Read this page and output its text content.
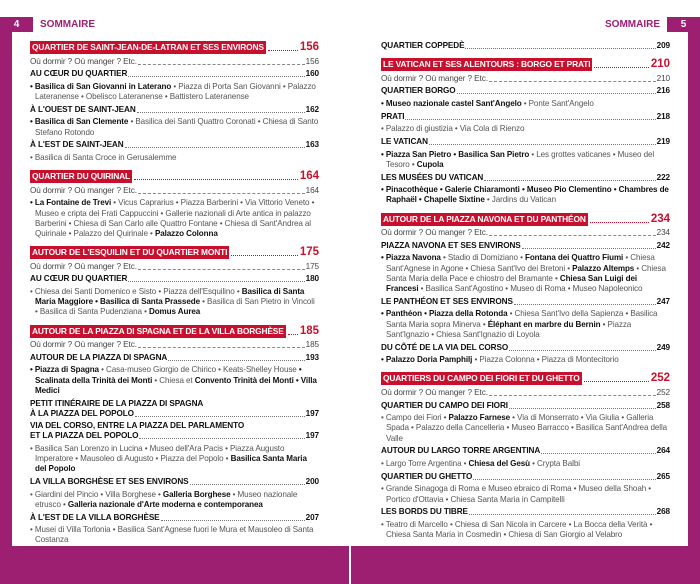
4	SOMMAIRE	5
SOMMAIRE
QUARTIER DE SAINT-JEAN-DE-LATRAN ET SES ENVIRONS	156
Où dormir ? Où manger ? Etc.	156
AU CŒUR DU QUARTIER	160
• Basilica di San Giovanni in Laterano • Piazza di Porta San Giovanni • Palazzo Lateranense • Obelisco Lateranense • Battistero Lateranense
À L'OUEST DE SAINT-JEAN	162
• Basilica di San Clemente • Basilica dei Santi Quattro Coronati • Chiesa di Santo Stefano Rotondo
À L'EST DE SAINT-JEAN	163
• Basilica di Santa Croce in Gerusalemme
QUARTIER DU QUIRINAL	164
Où dormir ? Où manger ? Etc.	164
• La Fontaine de Trevi • Vicus Caprarius • Piazza Barberini • Via Vittorio Veneto • Museo e cripta dei Frati Cappuccini • Gallerie nazionali di Arte antica in palazzo Barberini • Chiesa di San Carlo alle Quattro Fontane • Chiesa di Sant'Andrea al Quirinale • Palazzo del Quirinale • Palazzo Colonna
AUTOUR DE L'ESQUILIN ET DU QUARTIER MONTI	175
Où dormir ? Où manger ? Etc.	175
AU CŒUR DU QUARTIER	180
• Chiesa dei Santi Domenico e Sisto • Piazza dell'Esquilino • Basilica di Santa Maria Maggiore • Basilica di Santa Prassede • Basilica di San Pietro in Vincoli • Basilica di Santa Pudenziana • Domus Aurea
AUTOUR DE LA PIAZZA DI SPAGNA ET DE LA VILLA BORGHÈSE 185
Où dormir ? Où manger ? Etc.	185
AUTOUR DE LA PIAZZA DI SPAGNA	193
• Piazza di Spagna • Casa-museo Giorgio de Chirico • Keats-Shelley House • Scalinata della Trinità dei Monti • Chiesa et Convento Trinità dei Monti • Villa Medici
PETIT ITINÉRAIRE DE LA PIAZZA DI SPAGNA
À LA PIAZZA DEL POPOLO	197
VIA DEL CORSO, ENTRE LA PIAZZA DEL PARLAMENTO
ET LA PIAZZA DEL POPOLO	197
• Basilica San Lorenzo in Lucina • Museo dell'Ara Pacis • Piazza Augusto Imperatore • Mausoleo di Augusto • Piazza del Popolo • Basilica Santa Maria del Popolo
LA VILLA BORGHÈSE ET SES ENVIRONS	200
• Giardini del Pincio • Villa Borghese • Galleria Borghese • Museo nazionale etrusco • Galleria nazionale d'Arte moderna e contemporanea
À L'EST DE LA VILLA BORGHÈSE	207
• Musei di Villa Torlonia • Basilica Sant'Agnese fuori le Mura et Mausoleo di Santa Costanza
QUARTIER COPPEDÈ	209
LE VATICAN ET SES ALENTOURS : BORGO ET PRATI	210
Où dormir ? Où manger ? Etc.	210
QUARTIER BORGO	216
• Museo nazionale castel Sant'Angelo • Ponte Sant'Angelo
PRATI	218
• Palazzo di giustizia • Via Cola di Rienzo
LE VATICAN	219
• Piazza San Pietro • Basilica San Pietro • Les grottes vaticanes • Museo del Tesoro • Cupola
LES MUSÉES DU VATICAN	222
• Pinacothèque • Galerie Chiaramonti • Museo Pio Clementino • Chambres de Raphaël • Chapelle Sixtine • Jardins du Vatican
AUTOUR DE LA PIAZZA NAVONA ET DU PANTHÉON	234
Où dormir ? Où manger ? Etc.	234
PIAZZA NAVONA ET SES ENVIRONS	242
• Piazza Navona • Stadio di Domiziano • Fontana dei Quattro Fiumi • Chiesa Sant'Agnese in Agone • Chiesa Sant'Ivo dei Bretoni • Palazzo Altemps • Chiesa Santa Maria della Pace e chiostro del Bramante • Chiesa San Luigi dei Francesi • Basilica Sant'Agostino • Museo di Roma • Museo Napoleonico
LE PANTHÉON ET SES ENVIRONS	247
• Panthéon • Piazza della Rotonda • Chiesa Sant'Ivo della Sapienza • Basilica Santa Maria sopra Minerva • Éléphant en marbre du Bernin • Piazza Sant'Ignazio • Chiesa Sant'Ignazio di Loyola
DU CÔTÉ DE LA VIA DEL CORSO	249
• Palazzo Doria Pamphilj • Piazza Colonna • Piazza di Montecitorio
QUARTIERS DU CAMPO DEI FIORI ET DU GHETTO	252
Où dormir ? Où manger ? Etc.	252
QUARTIER DU CAMPO DEI FIORI	258
• Campo dei Fiori • Palazzo Farnese • Via di Monserrato • Via Giulia • Galleria Spada • Palazzo della Cancelleria • Museo Barracco • Basilica Sant'Andrea della Valle
AUTOUR DU LARGO TORRE ARGENTINA	264
• Largo Torre Argentina • Chiesa del Gesù • Crypta Balbi
QUARTIER DU GHETTO	265
• Grande Sinagoga di Roma e Museo ebraico di Roma • Museo della Shoah • Portico d'Ottavia • Chiesa Santa Maria in Campitelli
LES BORDS DU TIBRE	268
• Teatro di Marcello • Chiesa di San Nicola in Carcere • La Bocca della Verità • Chiesa Santa Maria in Cosmedin • Chiesa di San Giorgio al Velabro
